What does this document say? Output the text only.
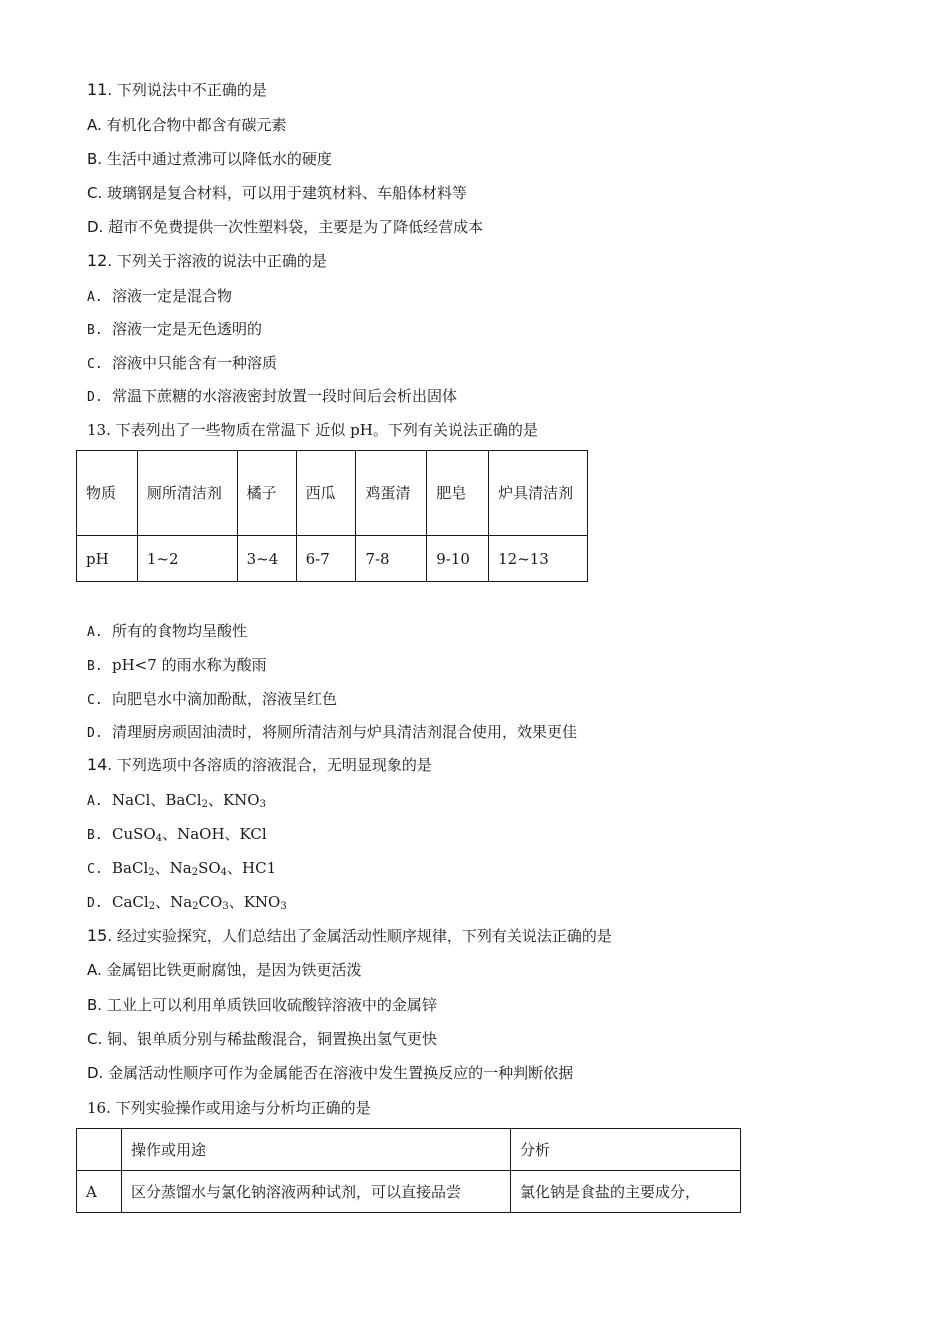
11. 下列说法中不正确的是
A. 有机化合物中都含有碳元素
B. 生活中通过煮沸可以降低水的硬度
C. 玻璃钢是复合材料，可以用于建筑材料、车船体材料等
D. 超市不免费提供一次性塑料袋，主要是为了降低经营成本
12. 下列关于溶液的说法中正确的是
A. 溶液一定是混合物
B. 溶液一定是无色透明的
C. 溶液中只能含有一种溶质
D. 常温下蔗糖的水溶液密封放置一段时间后会析出固体
13. 下表列出了一些物质在常温下 近似 pH。下列有关说法正确的是
物质	厕所清洁剂	橘子	西瓜	鸡蛋清	肥皂	炉具清洁剂
pH	1~2	3~4	6-7	7-8	9-10	12~13
A. 所有的食物均呈酸性
B. pH<7 的雨水称为酸雨
C. 向肥皂水中滴加酚酞，溶液呈红色
D. 清理厨房顽固油渍时，将厕所清洁剂与炉具清洁剂混合使用，效果更佳
14. 下列选项中各溶质的溶液混合，无明显现象的是
A. NaCl、BaCl$_2$、$KNO_3$
B. CuSO$_4$、NaOH、KCl
C. BaCl$_2$、$Na_2SO_4$、HC1
D. CaCl$_2$、$Na_2CO_3$、$KNO_3$
15. 经过实验探究，人们总结出了金属活动性顺序规律，下列有关说法正确的是
A. 金属铝比铁更耐腐蚀，是因为铁更活泼
B. 工业上可以利用单质铁回收硫酸锌溶液中的金属锌
C. 铜、银单质分别与稀盐酸混合，铜置换出氢气更快
D. 金属活动性顺序可作为金属能否在溶液中发生置换反应的一种判断依据
16. 下列实验操作或用途与分析均正确的是
	操作或用途	分析
A	区分蒸馏水与氯化钠溶液两种试剂，可以直接品尝	氯化钠是食盐的主要成分，
